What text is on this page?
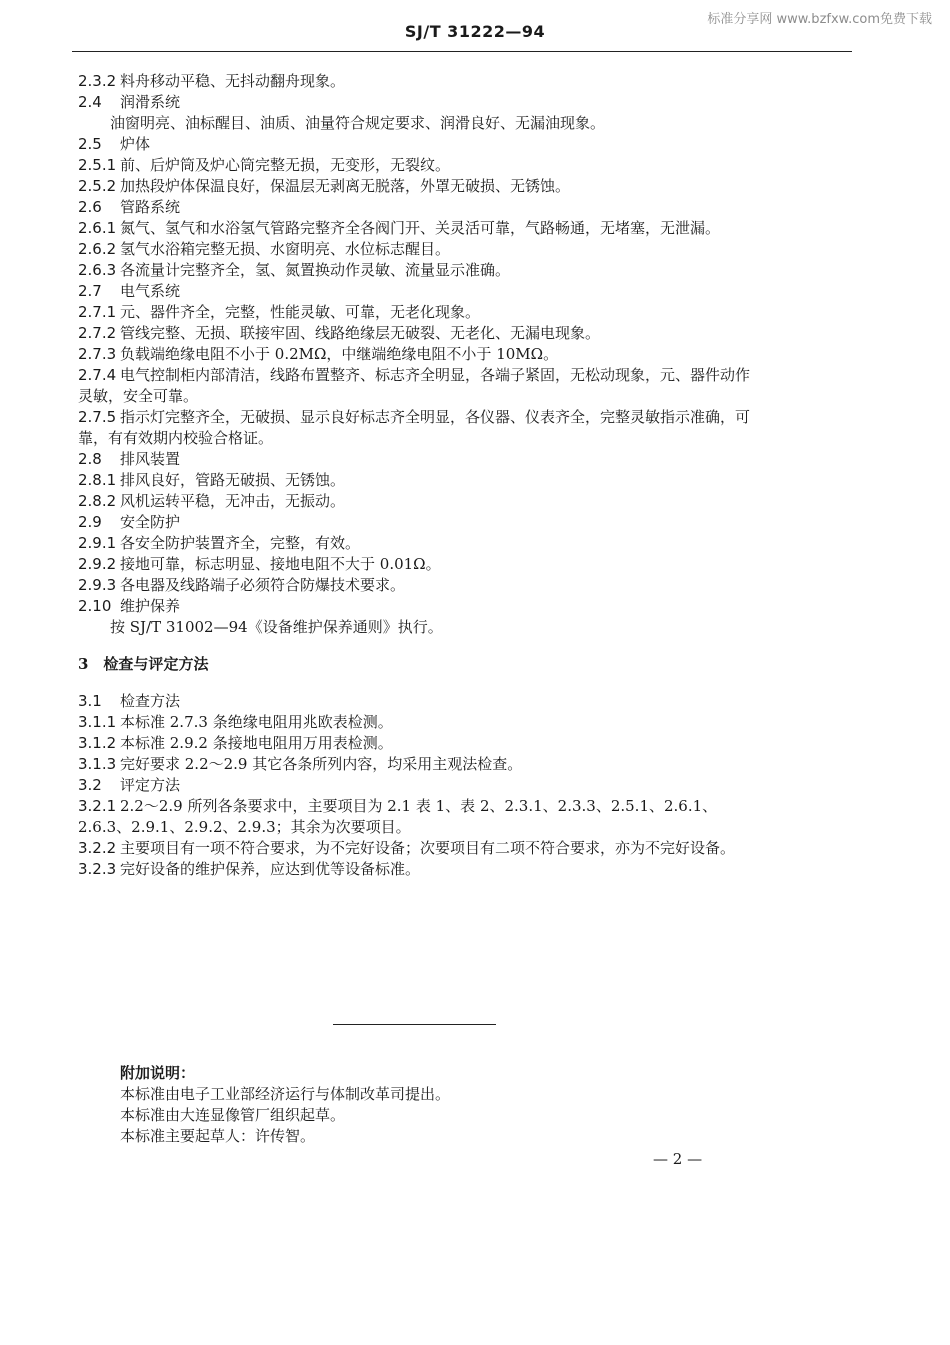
标准分享网 www.bzfxw.com免费下载
SJ/T 31222—94
2.3.2 料舟移动平稳、无抖动翻舟现象。
2.4 润滑系统
油窗明亮、油标醒目、油质、油量符合规定要求、润滑良好、无漏油现象。
2.5 炉体
2.5.1 前、后炉筒及炉心筒完整无损，无变形，无裂纹。
2.5.2 加热段炉体保温良好，保温层无剥离无脱落，外罩无破损、无锈蚀。
2.6 管路系统
2.6.1 氮气、氢气和水浴氢气管路完整齐全各阀门开、关灵活可靠，气路畅通，无堵塞，无泄漏。
2.6.2 氢气水浴箱完整无损、水窗明亮、水位标志醒目。
2.6.3 各流量计完整齐全，氢、氮置换动作灵敏、流量显示准确。
2.7 电气系统
2.7.1 元、器件齐全，完整，性能灵敏、可靠，无老化现象。
2.7.2 管线完整、无损、联接牢固、线路绝缘层无破裂、无老化、无漏电现象。
2.7.3 负载端绝缘电阻不小于 0.2MΩ，中继端绝缘电阻不小于 10MΩ。
2.7.4 电气控制柜内部清洁，线路布置整齐、标志齐全明显，各端子紧固，无松动现象，元、器件动作灵敏，安全可靠。
2.7.5 指示灯完整齐全，无破损、显示良好标志齐全明显，各仪器、仪表齐全，完整灵敏指示准确，可靠，有有效期内校验合格证。
2.8 排风装置
2.8.1 排风良好，管路无破损、无锈蚀。
2.8.2 风机运转平稳，无冲击，无振动。
2.9 安全防护
2.9.1 各安全防护装置齐全，完整，有效。
2.9.2 接地可靠，标志明显、接地电阻不大于 0.01Ω。
2.9.3 各电器及线路端子必须符合防爆技术要求。
2.10 维护保养
按 SJ/T 31002—94《设备维护保养通则》执行。
3　检查与评定方法
3.1 检查方法
3.1.1 本标准 2.7.3 条绝缘电阻用兆欧表检测。
3.1.2 本标准 2.9.2 条接地电阻用万用表检测。
3.1.3 完好要求 2.2～2.9 其它各条所列内容，均采用主观法检查。
3.2 评定方法
3.2.1 2.2～2.9 所列各条要求中，主要项目为 2.1 表 1、表 2、2.3.1、2.3.3、2.5.1、2.6.1、2.6.3、2.9.1、2.9.2、2.9.3；其余为次要项目。
3.2.2 主要项目有一项不符合要求，为不完好设备；次要项目有二项不符合要求，亦为不完好设备。
3.2.3 完好设备的维护保养，应达到优等设备标准。
附加说明：
本标准由电子工业部经济运行与体制改革司提出。
本标准由大连显像管厂组织起草。
本标准主要起草人：许传智。
— 2 —
